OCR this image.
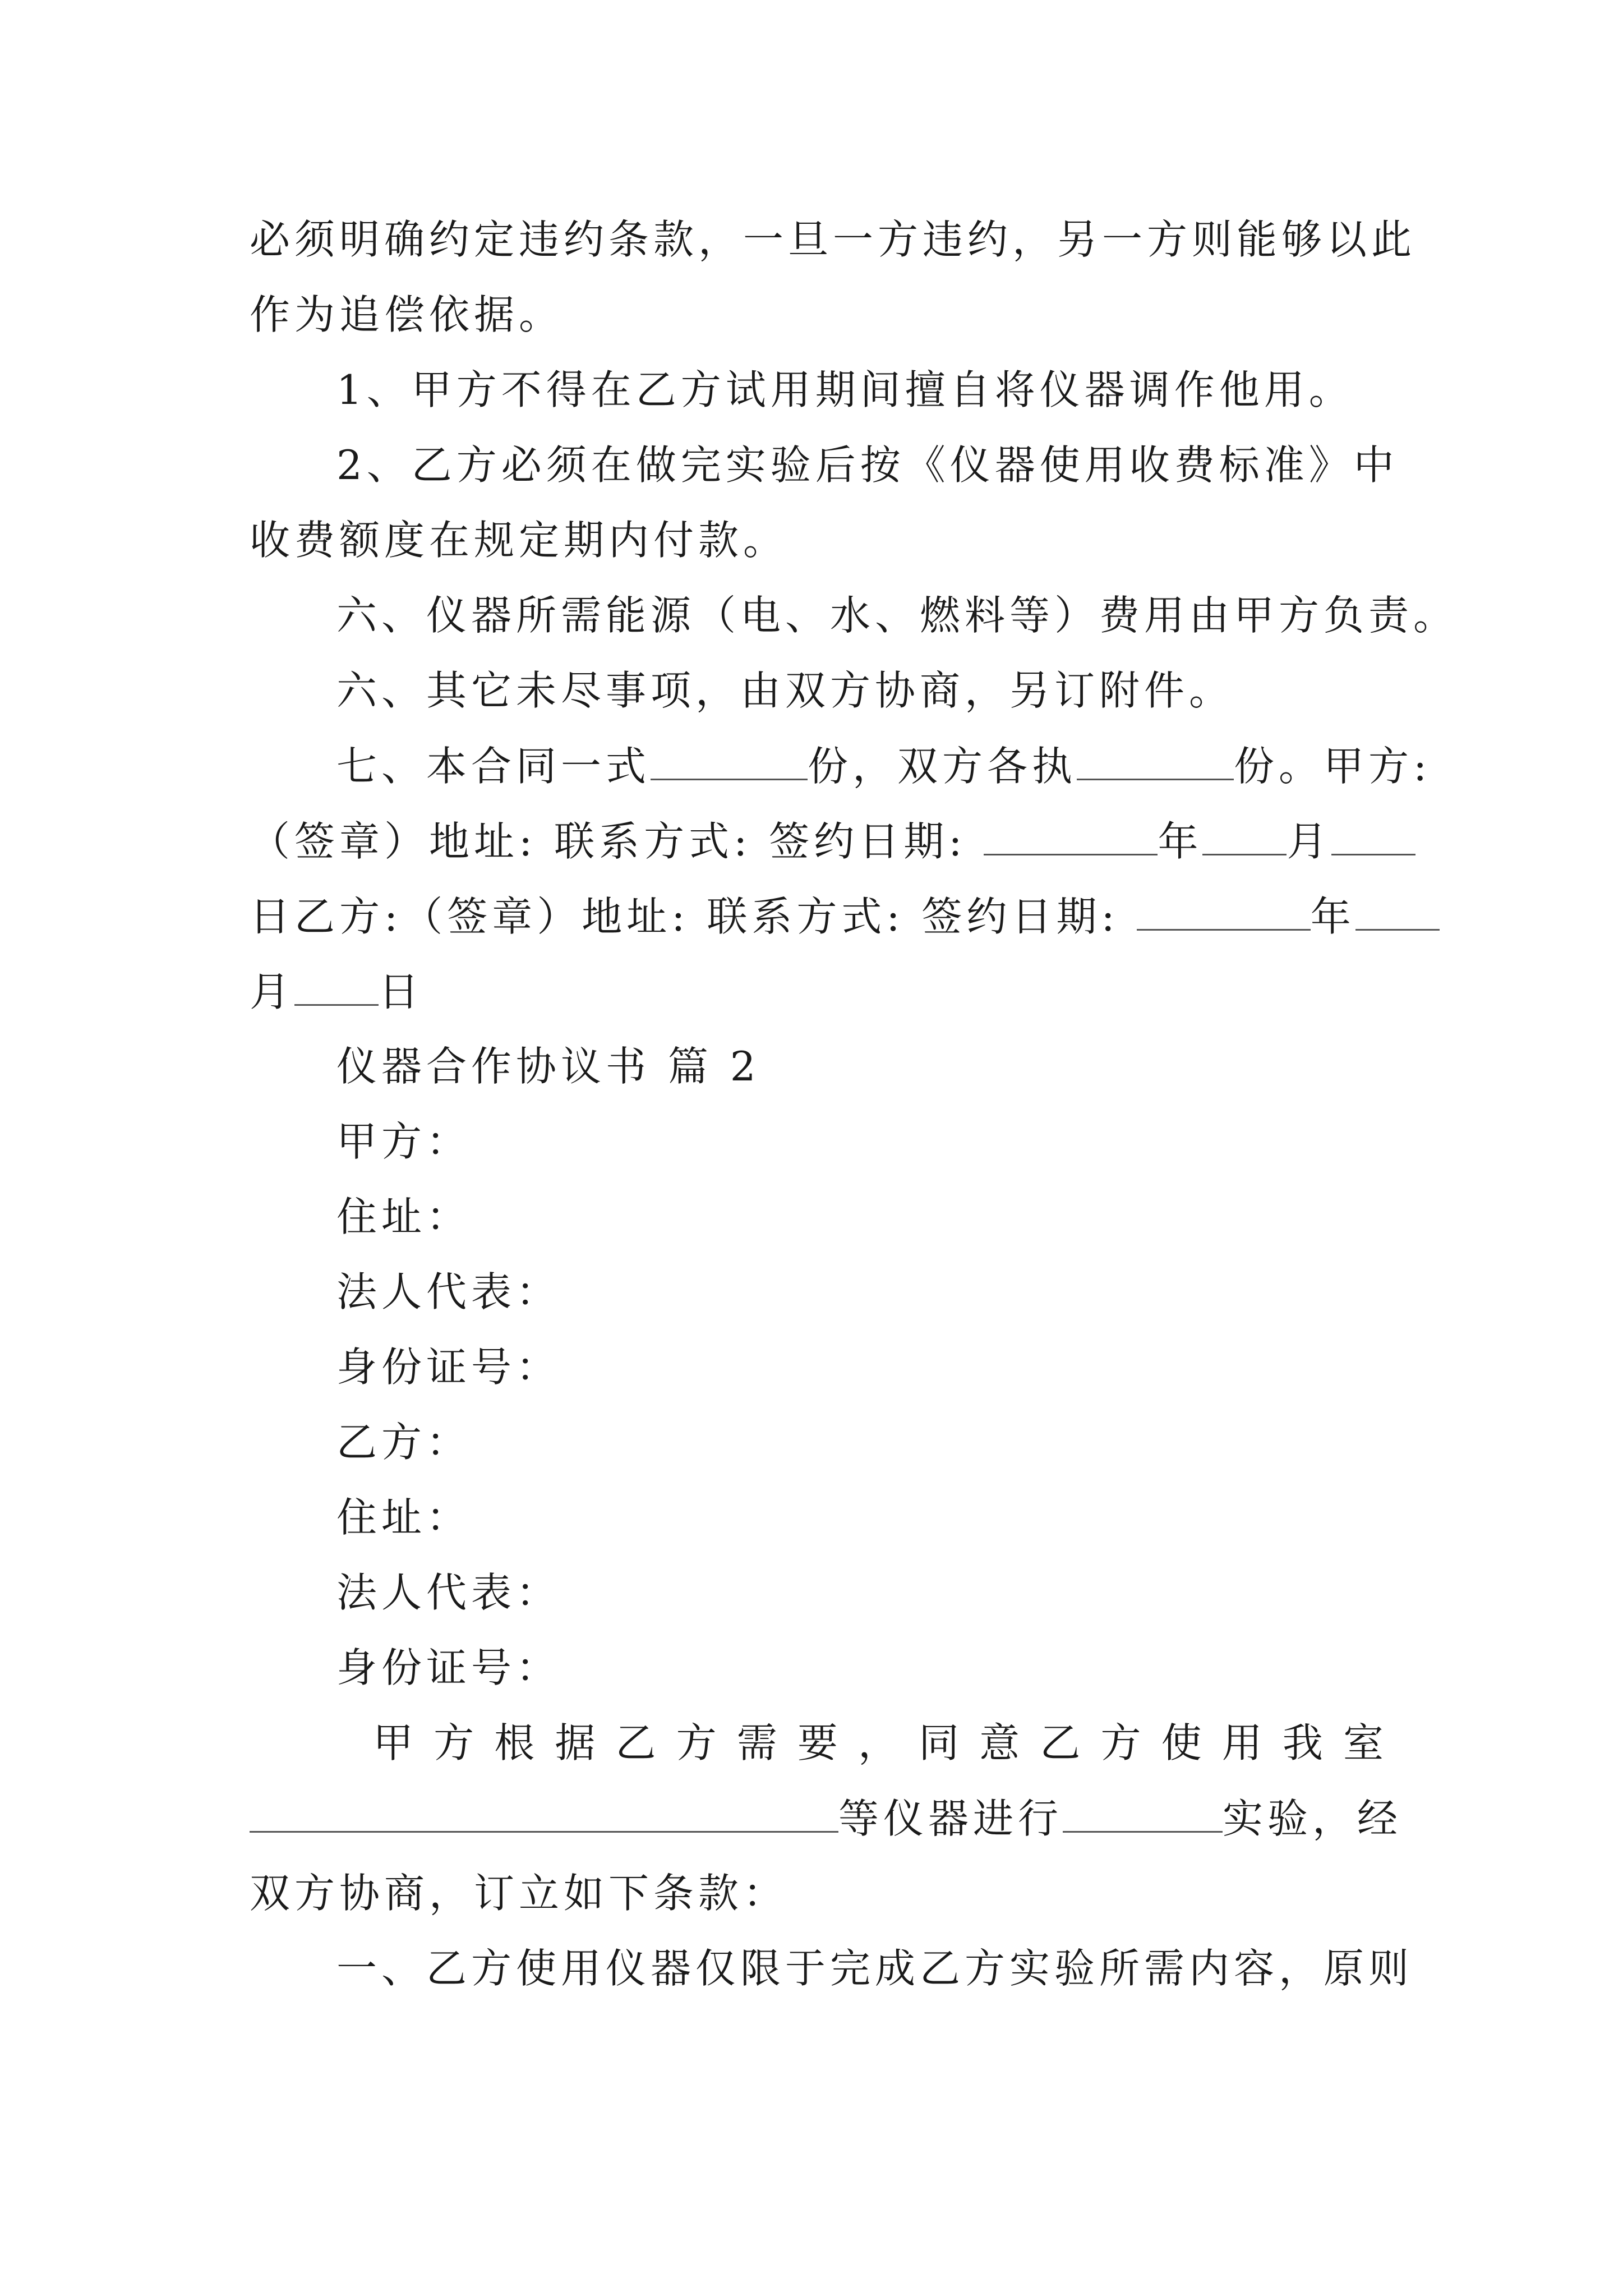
必须明确约定违约条款，一旦一方违约，另一方则能够以此
作为追偿依据。
1、甲方不得在乙方试用期间擅自将仪器调作他用。
2、乙方必须在做完实验后按《仪器使用收费标准》中
收费额度在规定期内付款。
六、仪器所需能源（电、水、燃料等）费用由甲方负责。
六、其它未尽事项，由双方协商，另订附件。
七、本合同一式	份，双方各执	份。甲方:
（签章）地址: 联系方式: 签约日期:	年 月
日乙方:（签章）地址: 联系方式: 签约日期:	年
月 日
仪器合作协议书 篇 2
甲方：
住址：
法人代表：
身份证号：
乙方：
住址：
法人代表：
身份证号：
甲方根据乙方需要，同意乙方使用我室
等仪器进行	实验，经
双方协商，订立如下条款：
一、乙方使用仪器仅限于完成乙方实验所需内容，原则
